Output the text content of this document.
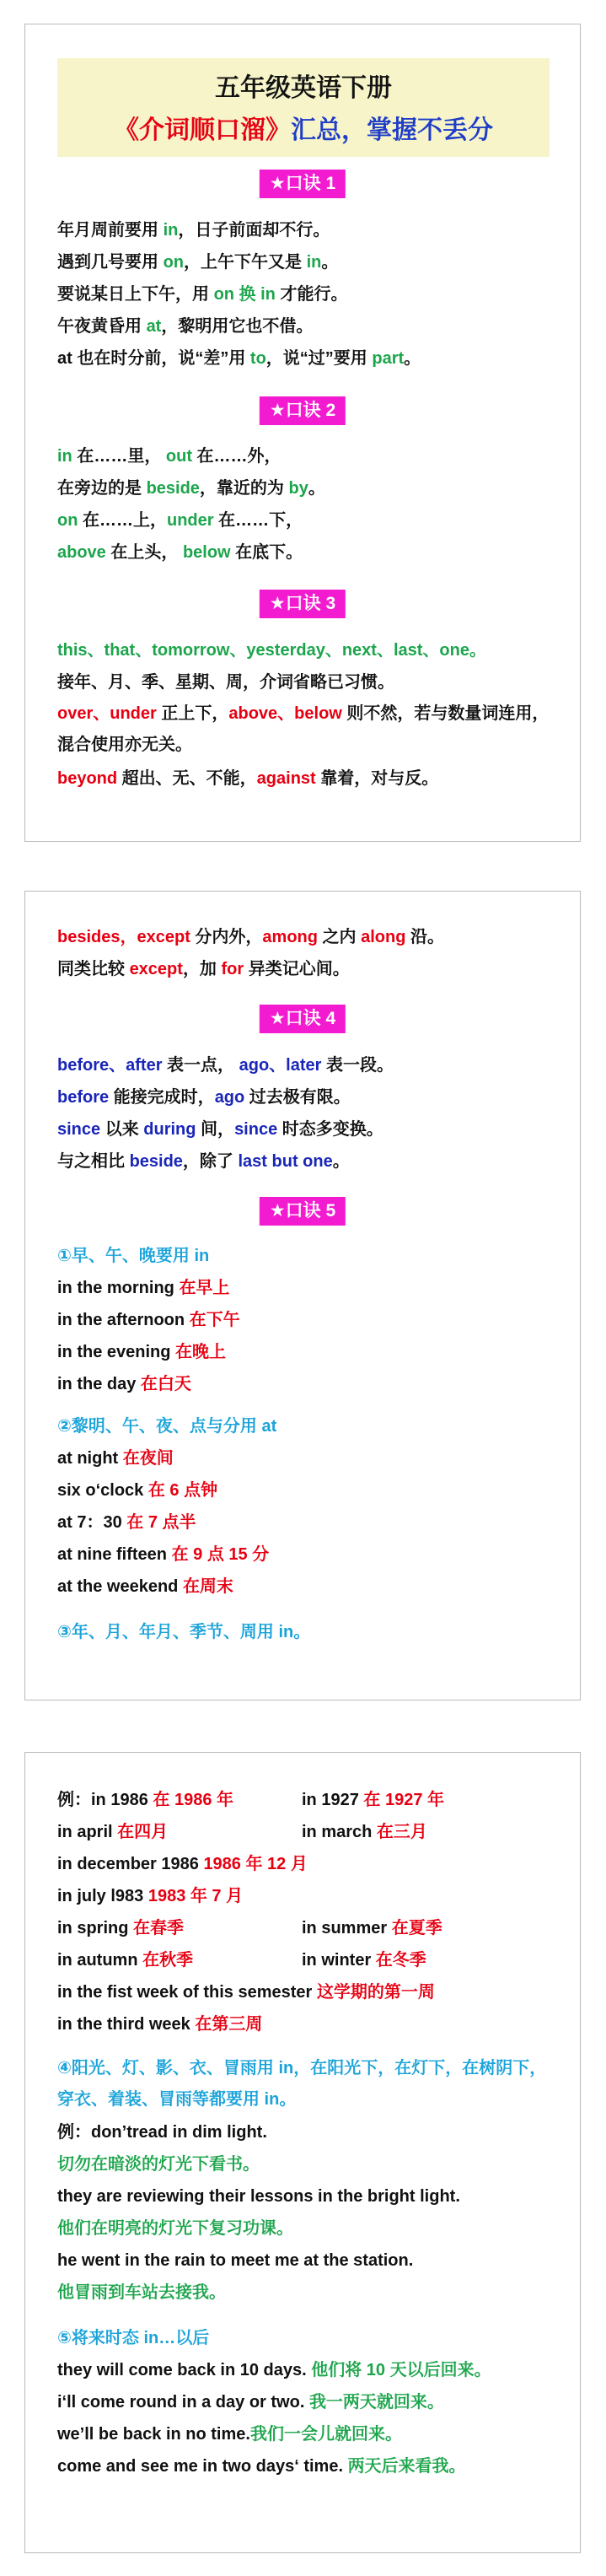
五年级英语下册
《介词顺口溜》汇总，掌握不丢分
★口诀 1
年月周前要用 in，日子前面却不行。
遇到几号要用 on，上午下午又是 in。
要说某日上下午，用 on 换 in 才能行。
午夜黄昏用 at，黎明用它也不借。
at 也在时分前，说“差”用 to，说“过”要用 part。
★口诀 2
in 在……里， out 在……外，
在旁边的是 beside，靠近的为 by。
on 在……上，under 在……下，
above 在上头， below 在底下。
★口诀 3
this、that、tomorrow、yesterday、next、last、one。
接年、月、季、星期、周，介词省略已习惯。
over、under 正上下，above、below 则不然，若与数量词连用，混合使用亦无关。
beyond 超出、无、不能，against 靠着，对与反。
besides，except 分内外，among 之内 along 沿。
同类比较 except，加 for 异类记心间。
★口诀 4
before、after 表一点， ago、later 表一段。
before 能接完成时，ago 过去极有限。
since 以来 during 间，since 时态多变换。
与之相比 beside，除了 last but one。
★口诀 5
①早、午、晚要用 in
in the morning 在早上
in the afternoon 在下午
in the evening 在晚上
in the day 在白天
②黎明、午、夜、点与分用 at
at night 在夜间
six o‘clock 在 6 点钟
at 7：30 在 7 点半
at nine fifteen 在 9 点 15 分
at the weekend 在周末
③年、月、年月、季节、周用 in。
例：in 1986 在 1986 年	in 1927 在 1927 年
in april 在四月	in march 在三月
in december 1986 1986 年 12 月
in july l983 1983 年 7 月
in spring 在春季	in summer 在夏季
in autumn 在秋季	in winter 在冬季
in the fist week of this semester 这学期的第一周
in the third week 在第三周
④阳光、灯、影、衣、冒雨用 in，在阳光下，在灯下，在树阴下，穿衣、着装、冒雨等都要用 in。
例：don’tread in dim light.
切勿在暗淡的灯光下看书。
they are reviewing their lessons in the bright light.
他们在明亮的灯光下复习功课。
he went in the rain to meet me at the station.
他冒雨到车站去接我。
⑤将来时态 in…以后
they will come back in 10 days. 他们将 10 天以后回来。
i‘ll come round in a day or two. 我一两天就回来。
we’ll be back in no time.我们一会儿就回来。
come and see me in two days‘ time. 两天后来看我。
